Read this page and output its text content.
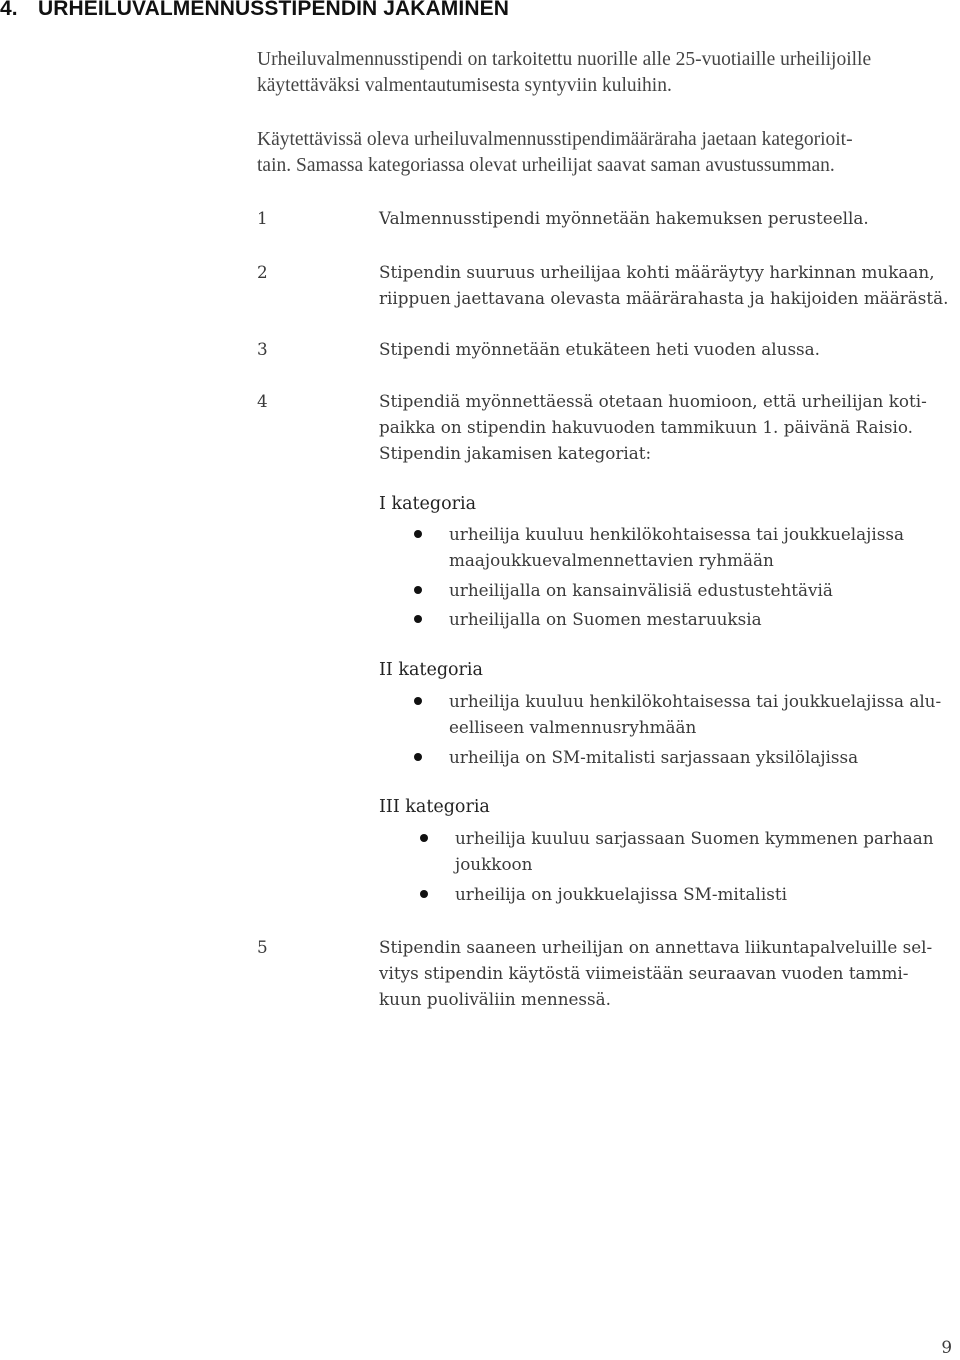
4. URHEILUVALMENNUSSTIPENDIN JAKAMINEN
Urheiluvalmennusstipendi on tarkoitettu nuorille alle 25-vuotiaille urheilijoille
käytettäväksi valmentautumisesta syntyviin kuluihin.
Käytettävissä oleva urheiluvalmennusstipendimääräraha jaetaan kategorioit-
tain. Samassa kategoriassa olevat urheilijat saavat saman avustussumman.
1	Valmennusstipendi myönnetään hakemuksen perusteella.
2	Stipendin suuruus urheilijaa kohti määräytyy harkinnan mukaan,
riippuen jaettavana olevasta määrärahasta ja hakijoiden määrästä.
3	Stipendi myönnetään etukäteen heti vuoden alussa.
4	Stipendiä myönnettäessä otetaan huomioon, että urheilijan koti-
paikka on stipendin hakuvuoden tammikuun 1. päivänä Raisio.
Stipendin jakamisen kategoriat:
I kategoria
urheilija kuuluu henkilökohtaisessa tai joukkuelajissa
maajoukkuevalmennettavien ryhmään
urheilijalla on kansainvälisiä edustustehtäviä
urheilijalla on Suomen mestaruuksia
II kategoria
urheilija kuuluu henkilökohtaisessa tai joukkuelajissa alu-
eelliseen valmennusryhmään
urheilija on SM-mitalisti sarjassaan yksilölajissa
III kategoria
urheilija kuuluu sarjassaan Suomen kymmenen parhaan
joukkoon
urheilija on joukkuelajissa SM-mitalisti
5	Stipendin saaneen urheilijan on annettava liikuntapalveluille sel-
vitys stipendin käytöstä viimeistään seuraavan vuoden tammi-
kuun puoliväliin mennessä.
9
